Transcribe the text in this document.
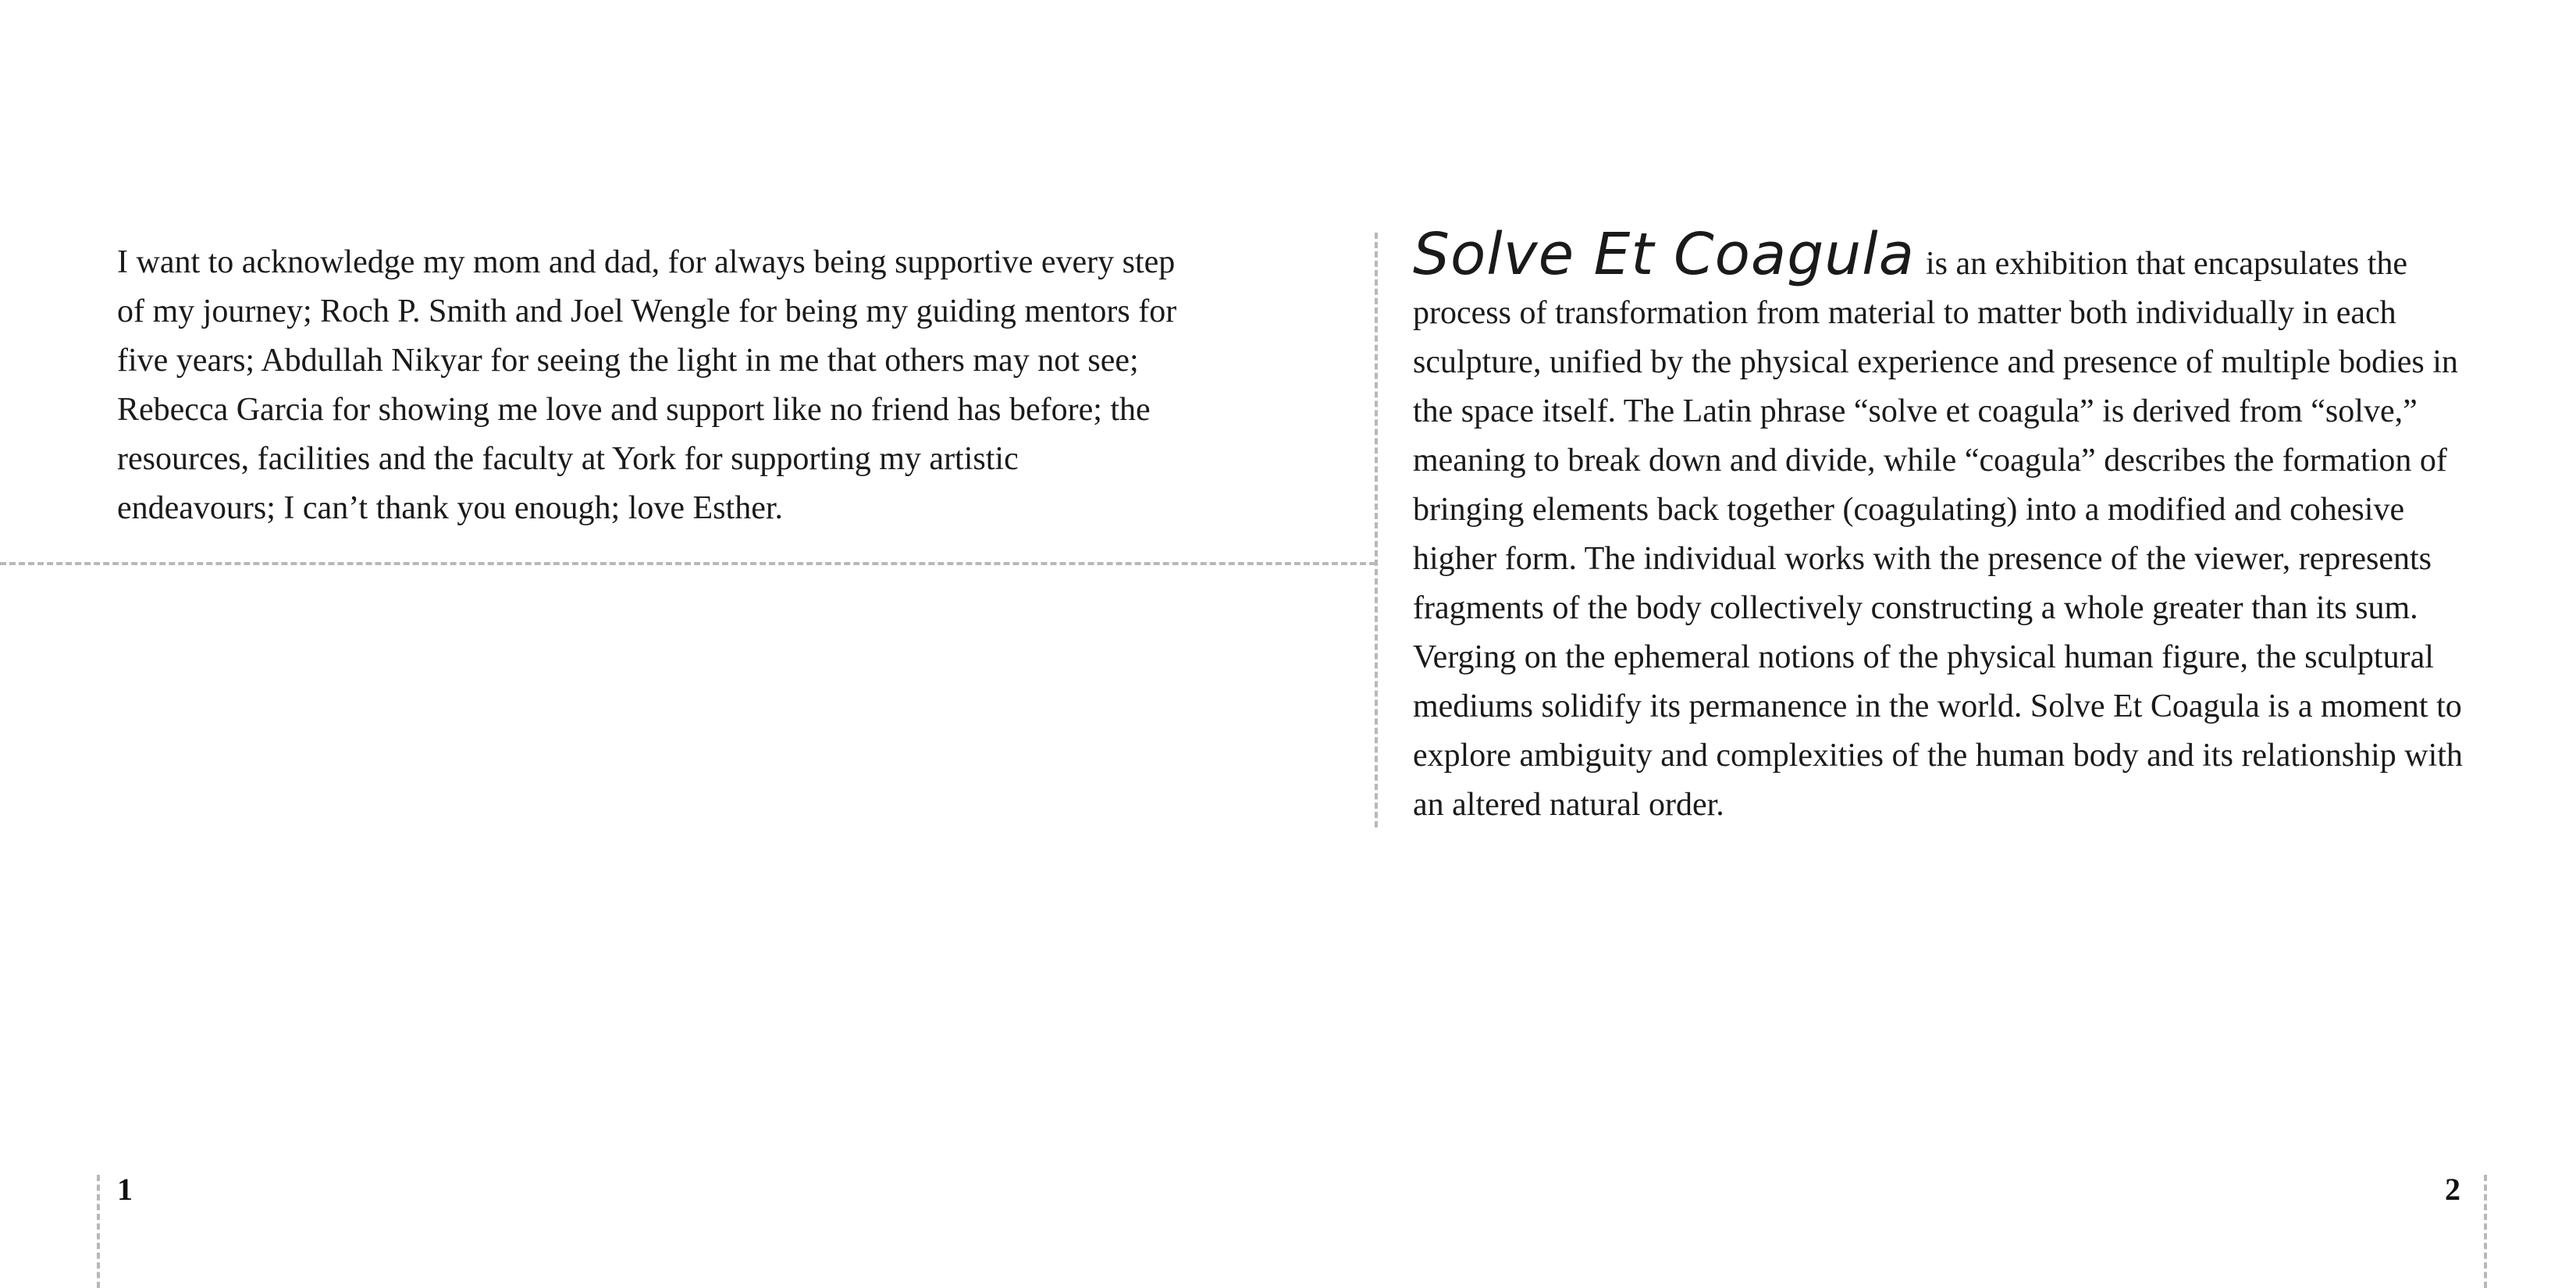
I want to acknowledge my mom and dad, for always being supportive every step of my journey; Roch P. Smith and Joel Wengle for being my guiding mentors for five years; Abdullah Nikyar for seeing the light in me that others may not see; Rebecca Garcia for showing me love and support like no friend has before; the resources, facilities and the faculty at York for supporting my artistic endeavours; I can’t thank you enough; love Esther.

1

Solve Et Coagula is an exhibition that encapsulates the process of transformation from material to matter both individually in each sculpture, unified by the physical experience and presence of multiple bodies in the space itself. The Latin phrase “solve et coagula” is derived from “solve,” meaning to break down and divide, while “coagula” describes the formation of bringing elements back together (coagulating) into a modified and cohesive higher form. The individual works with the presence of the viewer, represents fragments of the body collectively constructing a whole greater than its sum. Verging on the ephemeral notions of the physical human figure, the sculptural mediums solidify its permanence in the world. Solve Et Coagula is a moment to explore ambiguity and complexities of the human body and its relationship with an altered natural order.

2
